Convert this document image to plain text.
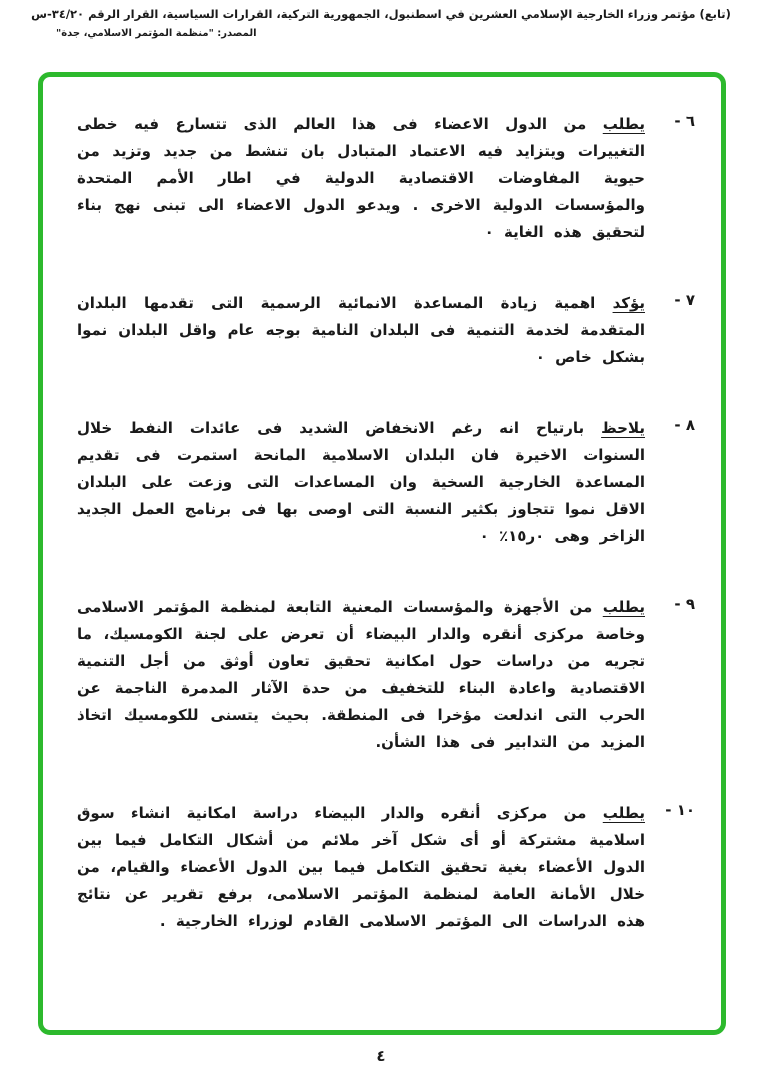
(تابع) مؤتمر وزراء الخارجية الإسلامي العشرين في اسطنبول، الجمهورية التركية، القرارات السياسية، القرار الرقم ٣٤/٢٠-س
المصدر: "منظمة المؤتمر الاسلامي، جدة"
٦ -
يطلب من الدول الاعضاء فى هذا العالم الذى تتسارع فيه خطى التغييرات ويتزايد فيه الاعتماد المتبادل بان تنشط من جديد وتزيد من حيوية المفاوضات الاقتصادية الدولية في اطار الأمم المتحدة والمؤسسات الدولية الاخرى . ويدعو الدول الاعضاء الى تبنى نهج بناء لتحقيق هذه الغاية ٠
٧ -
يؤكد اهمية زيادة المساعدة الانمائية الرسمية التى تقدمها البلدان المتقدمة لخدمة التنمية فى البلدان النامية بوجه عام واقل البلدان نموا بشكل خاص ٠
٨ -
يلاحظ بارتياح انه رغم الانخفاض الشديد فى عائدات النفط خلال السنوات الاخيرة فان البلدان الاسلامية المانحة استمرت فى تقديم المساعدة الخارجية السخية وان المساعدات التى وزعت على البلدان الاقل نموا تتجاوز بكثير النسبة التى اوصى بها فى برنامج العمل الجديد الزاخر وهى ٠ر١٥٪ ٠
٩ -
يطلب من الأجهزة والمؤسسات المعنية التابعة لمنظمة المؤتمر الاسلامى وخاصة مركزى أنقره والدار البيضاء أن تعرض على لجنة الكومسيك، ما تجريه من دراسات حول امكانية تحقيق تعاون أوثق من أجل التنمية الاقتصادية واعادة البناء للتخفيف من حدة الآثار المدمرة الناجمة عن الحرب التى اندلعت مؤخرا فى المنطقة. بحيث يتسنى للكومسيك اتخاذ المزيد من التدابير فى هذا الشأن.
١٠ -
يطلب من مركزى أنقره والدار البيضاء دراسة امكانية انشاء سوق اسلامية مشتركة أو أى شكل آخر ملائم من أشكال التكامل فيما بين الدول الأعضاء بغية تحقيق التكامل فيما بين الدول الأعضاء والقيام، من خلال الأمانة العامة لمنظمة المؤتمر الاسلامى، برفع تقرير عن نتائج هذه الدراسات الى المؤتمر الاسلامى القادم لوزراء الخارجية .
٤
